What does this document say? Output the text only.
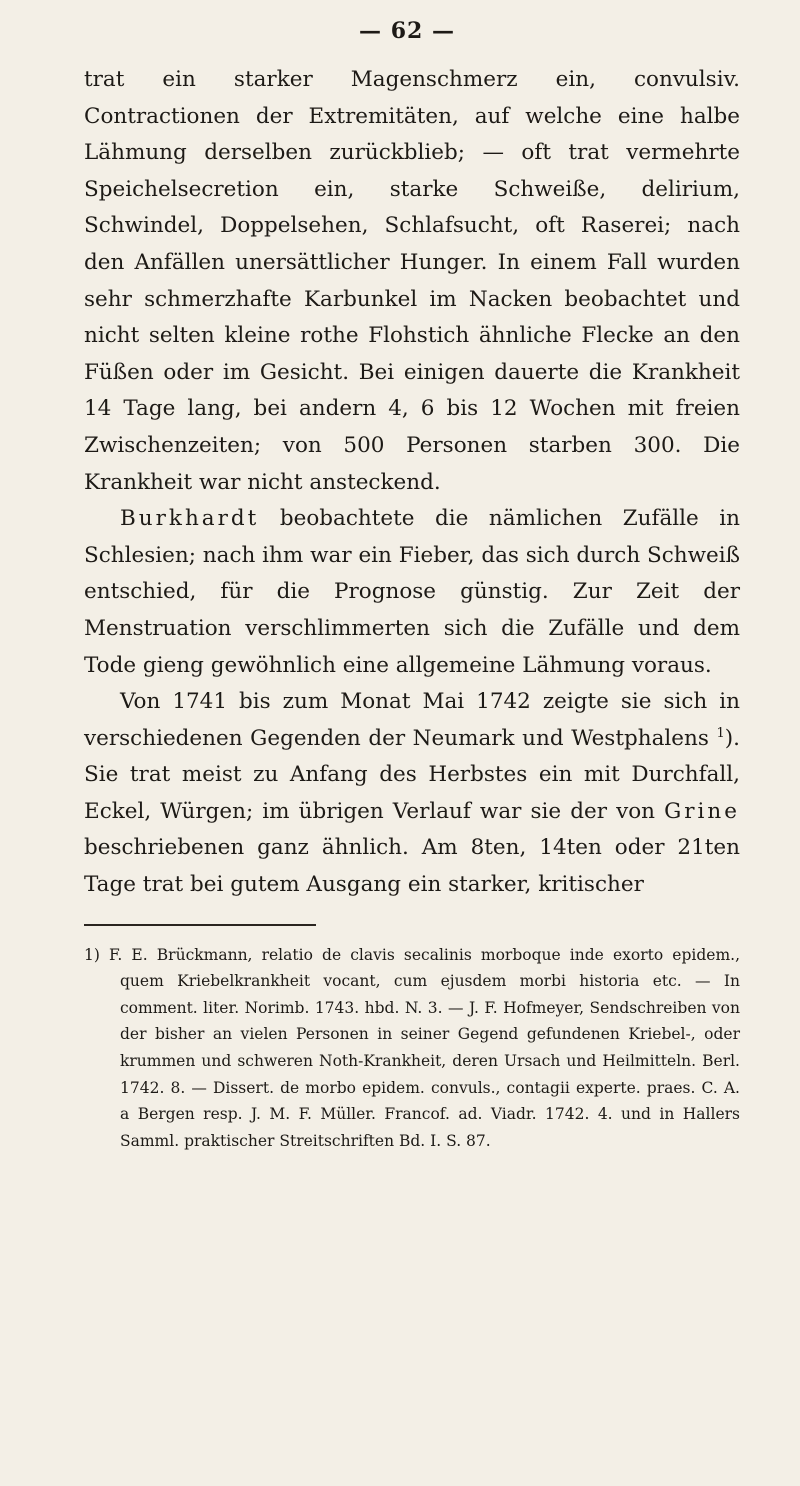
— 62 —

trat ein starker Magenschmerz ein, convulsiv. Contractionen der Extremitäten, auf welche eine halbe Lähmung derselben zurückblieb; — oft trat vermehrte Speichelsecretion ein, starke Schweiße, delirium, Schwindel, Doppelsehen, Schlafsucht, oft Raserei; nach den Anfällen unersättlicher Hunger. In einem Fall wurden sehr schmerzhafte Karbunkel im Nacken beobachtet und nicht selten kleine rothe Flohstich ähnliche Flecke an den Füßen oder im Gesicht. Bei einigen dauerte die Krankheit 14 Tage lang, bei andern 4, 6 bis 12 Wochen mit freien Zwischenzeiten; von 500 Personen starben 300. Die Krankheit war nicht ansteckend.

Burkhardt beobachtete die nämlichen Zufälle in Schlesien; nach ihm war ein Fieber, das sich durch Schweiß entschied, für die Prognose günstig. Zur Zeit der Menstruation verschlimmerten sich die Zufälle und dem Tode gieng gewöhnlich eine allgemeine Lähmung voraus.

Von 1741 bis zum Monat Mai 1742 zeigte sie sich in verschiedenen Gegenden der Neumark und Westphalens $^1$). Sie trat meist zu Anfang des Herbstes ein mit Durchfall, Eckel, Würgen; im übrigen Verlauf war sie der von Grine beschriebenen ganz ähnlich. Am 8ten, 14ten oder 21ten Tage trat bei gutem Ausgang ein starker, kritischer

1) F. E. Brückmann, relatio de clavis secalinis morboque inde exorto epidem., quem Kriebelkrankheit vocant, cum ejusdem morbi historia etc. — In comment. liter. Norimb. 1743. hbd. N. 3. — J. F. Hofmeyer, Sendschreiben von der bisher an vielen Personen in seiner Gegend gefundenen Kriebel-, oder krummen und schweren Noth-Krankheit, deren Ursach und Heilmitteln. Berl. 1742. 8. — Dissert. de morbo epidem. convuls., contagii experte. praes. C. A. a Bergen resp. J. M. F. Müller. Francof. ad. Viadr. 1742. 4. und in Hallers Samml. praktischer Streitschriften Bd. I. S. 87.
